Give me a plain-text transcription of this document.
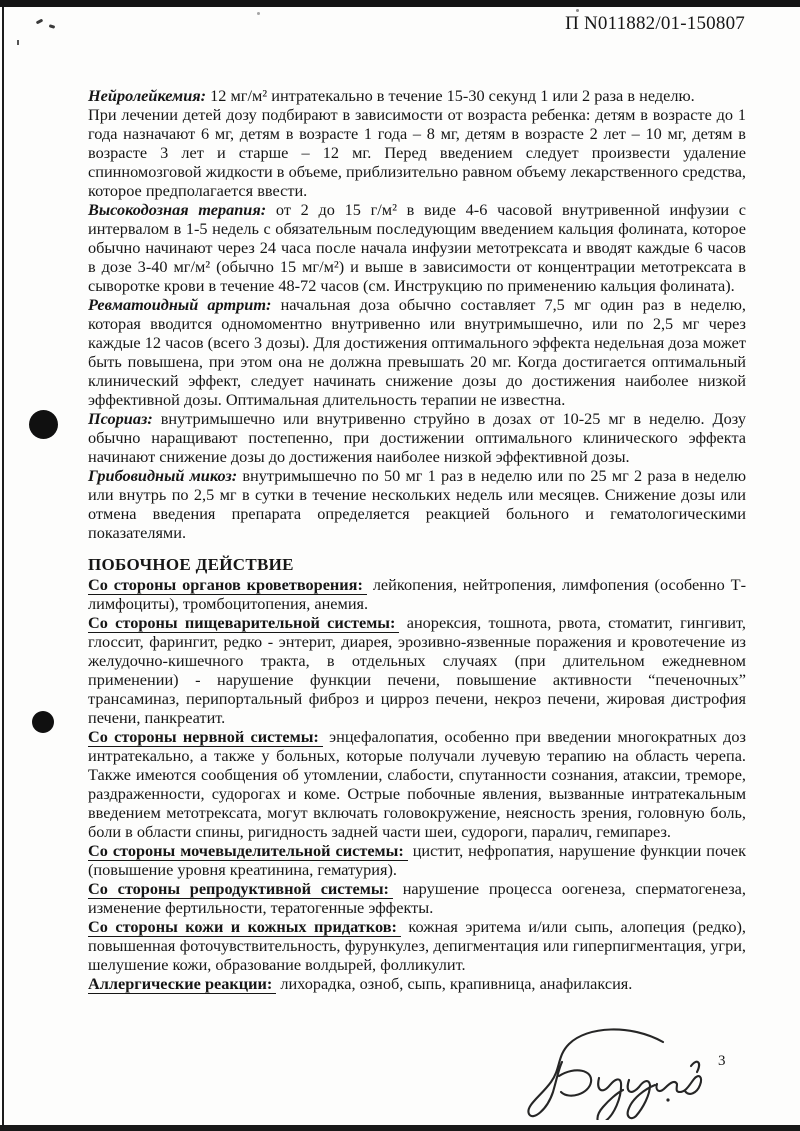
П N011882/01-150807

Нейролейкемия: 12 мг/м² интратекально в течение 15-30 секунд 1 или 2 раза в неделю.

При лечении детей дозу подбирают в зависимости от возраста ребенка: детям в возрасте до 1 года назначают 6 мг, детям в возрасте 1 года – 8 мг, детям в возрасте 2 лет – 10 мг, детям в возрасте 3 лет и старше – 12 мг. Перед введением следует произвести удаление спинномозговой жидкости в объеме, приблизительно равном объему лекарственного средства, которое предполагается ввести.

Высокодозная терапия: от 2 до 15 г/м² в виде 4-6 часовой внутривенной инфузии с интервалом в 1-5 недель с обязательным последующим введением кальция фолината, которое обычно начинают через 24 часа после начала инфузии метотрексата и вводят каждые 6 часов в дозе 3-40 мг/м² (обычно 15 мг/м²) и выше в зависимости от концентрации метотрексата в сыворотке крови в течение 48-72 часов (см. Инструкцию по применению кальция фолината).

Ревматоидный артрит: начальная доза обычно составляет 7,5 мг один раз в неделю, которая вводится одномоментно внутривенно или внутримышечно, или по 2,5 мг через каждые 12 часов (всего 3 дозы). Для достижения оптимального эффекта недельная доза может быть повышена, при этом она не должна превышать 20 мг. Когда достигается оптимальный клинический эффект, следует начинать снижение дозы до достижения наиболее низкой эффективной дозы. Оптимальная длительность терапии не известна.

Псориаз: внутримышечно или внутривенно струйно в дозах от 10-25 мг в неделю. Дозу обычно наращивают постепенно, при достижении оптимального клинического эффекта начинают снижение дозы до достижения наиболее низкой эффективной дозы.

Грибовидный микоз: внутримышечно по 50 мг 1 раз в неделю или по 25 мг 2 раза в неделю или внутрь по 2,5 мг в сутки в течение нескольких недель или месяцев. Снижение дозы или отмена введения препарата определяется реакцией больного и гематологическими показателями.

ПОБОЧНОЕ ДЕЙСТВИЕ

Со стороны органов кроветворения: лейкопения, нейтропения, лимфопения (особенно Т-лимфоциты), тромбоцитопения, анемия.

Со стороны пищеварительной системы: анорексия, тошнота, рвота, стоматит, гингивит, глоссит, фарингит, редко - энтерит, диарея, эрозивно-язвенные поражения и кровотечение из желудочно-кишечного тракта, в отдельных случаях (при длительном ежедневном применении) - нарушение функции печени, повышение активности “печеночных” трансаминаз, перипортальный фиброз и цирроз печени, некроз печени, жировая дистрофия печени, панкреатит.

Со стороны нервной системы: энцефалопатия, особенно при введении многократных доз интратекально, а также у больных, которые получали лучевую терапию на область черепа. Также имеются сообщения об утомлении, слабости, спутанности сознания, атаксии, треморе, раздраженности, судорогах и коме. Острые побочные явления, вызванные интратекальным введением метотрексата, могут включать головокружение, неясность зрения, головную боль, боли в области спины, ригидность задней части шеи, судороги, паралич, гемипарез.

Со стороны мочевыделительной системы: цистит, нефропатия, нарушение функции почек (повышение уровня креатинина, гематурия).

Со стороны репродуктивной системы: нарушение процесса оогенеза, сперматогенеза, изменение фертильности, тератогенные эффекты.

Со стороны кожи и кожных придатков: кожная эритема и/или сыпь, алопеция (редко), повышенная фоточувствительность, фурункулез, депигментация или гиперпигментация, угри, шелушение кожи, образование волдырей, фолликулит.

Аллергические реакции: лихорадка, озноб, сыпь, крапивница, анафилаксия.

3
